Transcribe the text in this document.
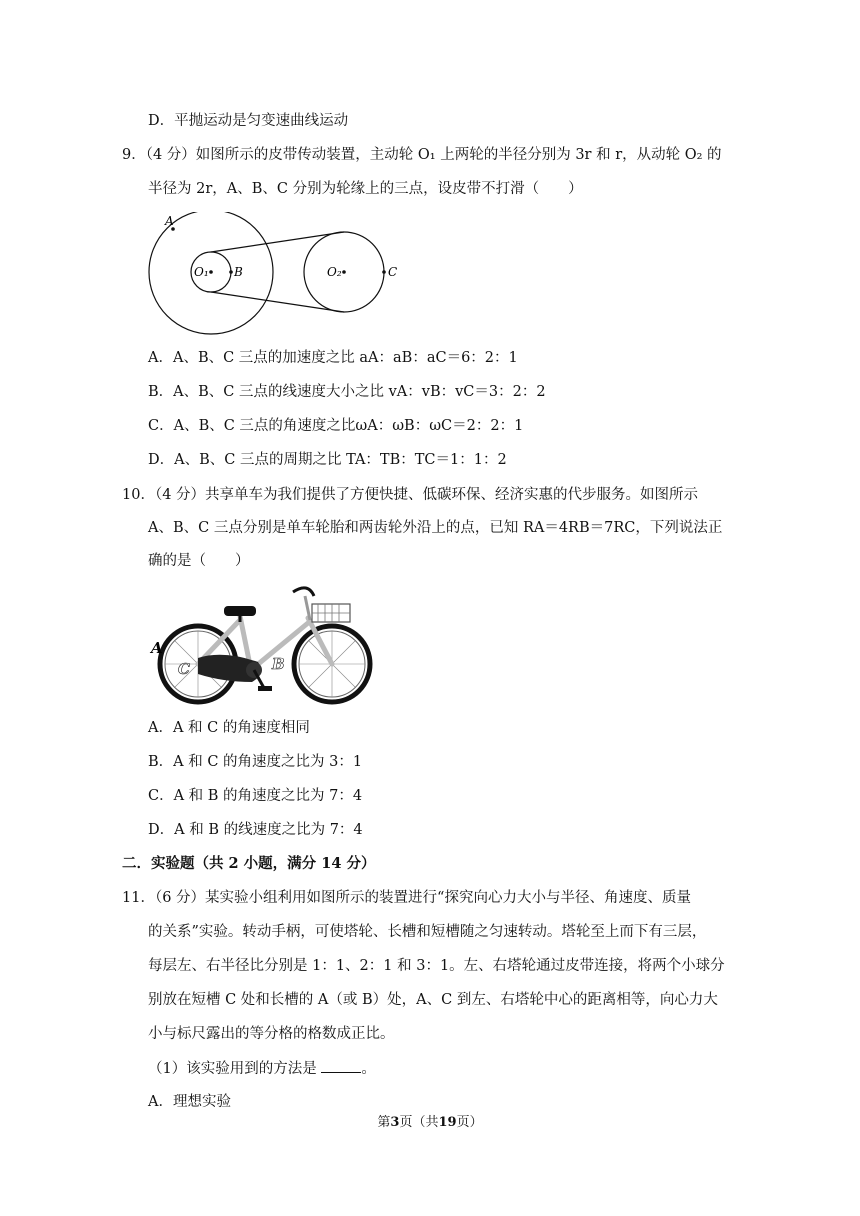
D．平抛运动是匀变速曲线运动
9．（4 分）如图所示的皮带传动装置，主动轮 O₁ 上两轮的半径分别为 3r 和 r，从动轮 O₂ 的
半径为 2r，A、B、C 分别为轮缘上的三点，设皮带不打滑（　　）
A
O₁ B	O₂	C
A．A、B、C 三点的加速度之比 aA：aB：aC＝6：2：1
B．A、B、C 三点的线速度大小之比 vA：vB：vC＝3：2：2
C．A、B、C 三点的角速度之比ωA：ωB：ωC＝2：2：1
D．A、B、C 三点的周期之比 TA：TB：TC＝1：1：2
10．（4 分）共享单车为我们提供了方便快捷、低碳环保、经济实惠的代步服务。如图所示
A、B、C 三点分别是单车轮胎和两齿轮外沿上的点，已知 RA＝4RB＝7RC，下列说法正
确的是（　　）
A
C	B
A．A 和 C 的角速度相同
B．A 和 C 的角速度之比为 3：1
C．A 和 B 的角速度之比为 7：4
D．A 和 B 的线速度之比为 7：4
二．实验题（共 2 小题，满分 14 分）
11．（6 分）某实验小组利用如图所示的装置进行“探究向心力大小与半径、角速度、质量
的关系”实验。转动手柄，可使塔轮、长槽和短槽随之匀速转动。塔轮至上而下有三层，
每层左、右半径比分别是 1：1、2：1 和 3：1。左、右塔轮通过皮带连接，将两个小球分
别放在短槽 C 处和长槽的 A（或 B）处，A、C 到左、右塔轮中心的距离相等，向心力大
小与标尺露出的等分格的格数成正比。
（1）该实验用到的方法是	。
A．理想实验
第3页（共19页）
